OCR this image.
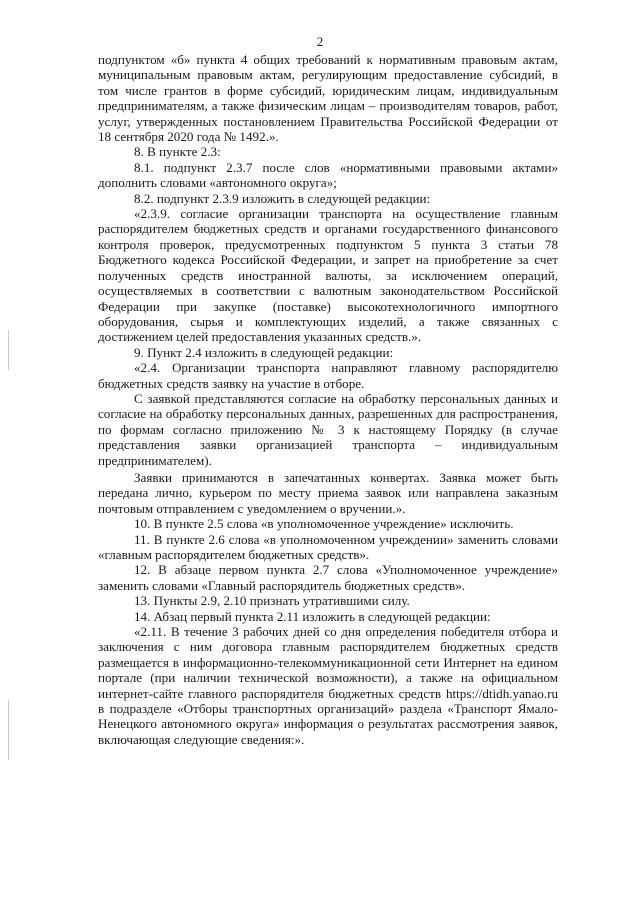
2

подпунктом «б» пункта 4 общих требований к нормативным правовым актам, муниципальным правовым актам, регулирующим предоставление субсидий, в том числе грантов в форме субсидий, юридическим лицам, индивидуальным предпринимателям, а также физическим лицам – производителям товаров, работ, услуг, утвержденных постановлением Правительства Российской Федерации от 18 сентября 2020 года № 1492.».

8. В пункте 2.3:

8.1. подпункт 2.3.7 после слов «нормативными правовыми актами» дополнить словами «автономного округа»;

8.2. подпункт 2.3.9 изложить в следующей редакции:

«2.3.9. согласие организации транспорта на осуществление главным распорядителем бюджетных средств и органами государственного финансового контроля проверок, предусмотренных подпунктом 5 пункта 3 статьи 78 Бюджетного кодекса Российской Федерации, и запрет на приобретение за счет полученных средств иностранной валюты, за исключением операций, осуществляемых в соответствии с валютным законодательством Российской Федерации при закупке (поставке) высокотехнологичного импортного оборудования, сырья и комплектующих изделий, а также связанных с достижением целей предоставления указанных средств.».

9. Пункт 2.4 изложить в следующей редакции:

«2.4. Организации транспорта направляют главному распорядителю бюджетных средств заявку на участие в отборе.

С заявкой представляются согласие на обработку персональных данных и согласие на обработку персональных данных, разрешенных для распространения, по формам согласно приложению № 3 к настоящему Порядку (в случае представления заявки организацией транспорта – индивидуальным предпринимателем).

Заявки принимаются в запечатанных конвертах. Заявка может быть передана лично, курьером по месту приема заявок или направлена заказным почтовым отправлением с уведомлением о вручении.».

10. В пункте 2.5 слова «в уполномоченное учреждение» исключить.

11. В пункте 2.6 слова «в уполномоченном учреждении» заменить словами «главным распорядителем бюджетных средств».

12. В абзаце первом пункта 2.7 слова «Уполномоченное учреждение» заменить словами «Главный распорядитель бюджетных средств».

13. Пункты 2.9, 2.10 признать утратившими силу.

14. Абзац первый пункта 2.11 изложить в следующей редакции:

«2.11. В течение 3 рабочих дней со дня определения победителя отбора и заключения с ним договора главным распорядителем бюджетных средств размещается в информационно-телекоммуникационной сети Интернет на едином портале (при наличии технической возможности), а также на официальном интернет-сайте главного распорядителя бюджетных средств https://dtidh.yanao.ru в подразделе «Отборы транспортных организаций» раздела «Транспорт Ямало-Ненецкого автономного округа» информация о результатах рассмотрения заявок, включающая следующие сведения:».
